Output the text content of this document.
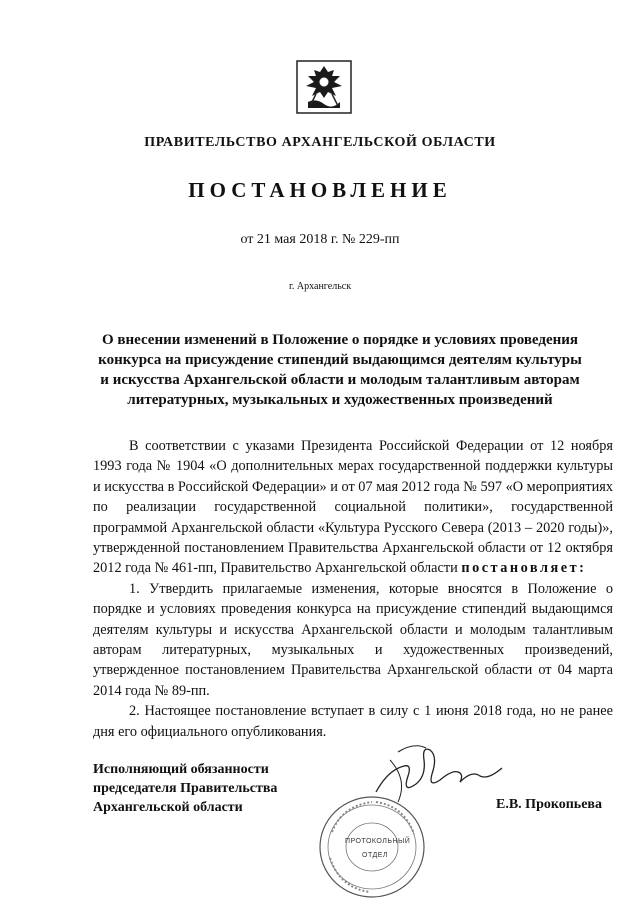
ПРАВИТЕЛЬСТВО АРХАНГЕЛЬСКОЙ ОБЛАСТИ
ПОСТАНОВЛЕНИЕ
от 21 мая 2018 г. № 229-пп
г. Архангельск
О внесении изменений в Положение о порядке и условиях проведения
конкурса на присуждение стипендий выдающимся деятелям культуры
и искусства Архангельской области и молодым талантливым авторам
литературных, музыкальных и художественных произведений

В соответствии с указами Президента Российской Федерации от 12 ноября 1993 года № 1904 «О дополнительных мерах государственной поддержки культуры и искусства в Российской Федерации» и от 07 мая 2012 года № 597 «О мероприятиях по реализации государственной социальной политики», государственной программой Архангельской области «Культура Русского Севера (2013 – 2020 годы)», утвержденной постановлением Правительства Архангельской области от 12 октября 2012 года № 461-пп, Правительство Архангельской области постановляет:

1. Утвердить прилагаемые изменения, которые вносятся в Положение о порядке и условиях проведения конкурса на присуждение стипендий выдающимся деятелям культуры и искусства Архангельской области и молодым талантливым авторам литературных, музыкальных и художественных произведений, утвержденное постановлением Правительства Архангельской области от 04 марта 2014 года № 89-пп.

2. Настоящее постановление вступает в силу с 1 июня 2018 года, но не ранее дня его официального опубликования.

Исполняющий обязанности
председателя Правительства
Архангельской области
ПРОТОКОЛЬНЫЙ
ОТДЕЛ
Е.В. Прокопьева
